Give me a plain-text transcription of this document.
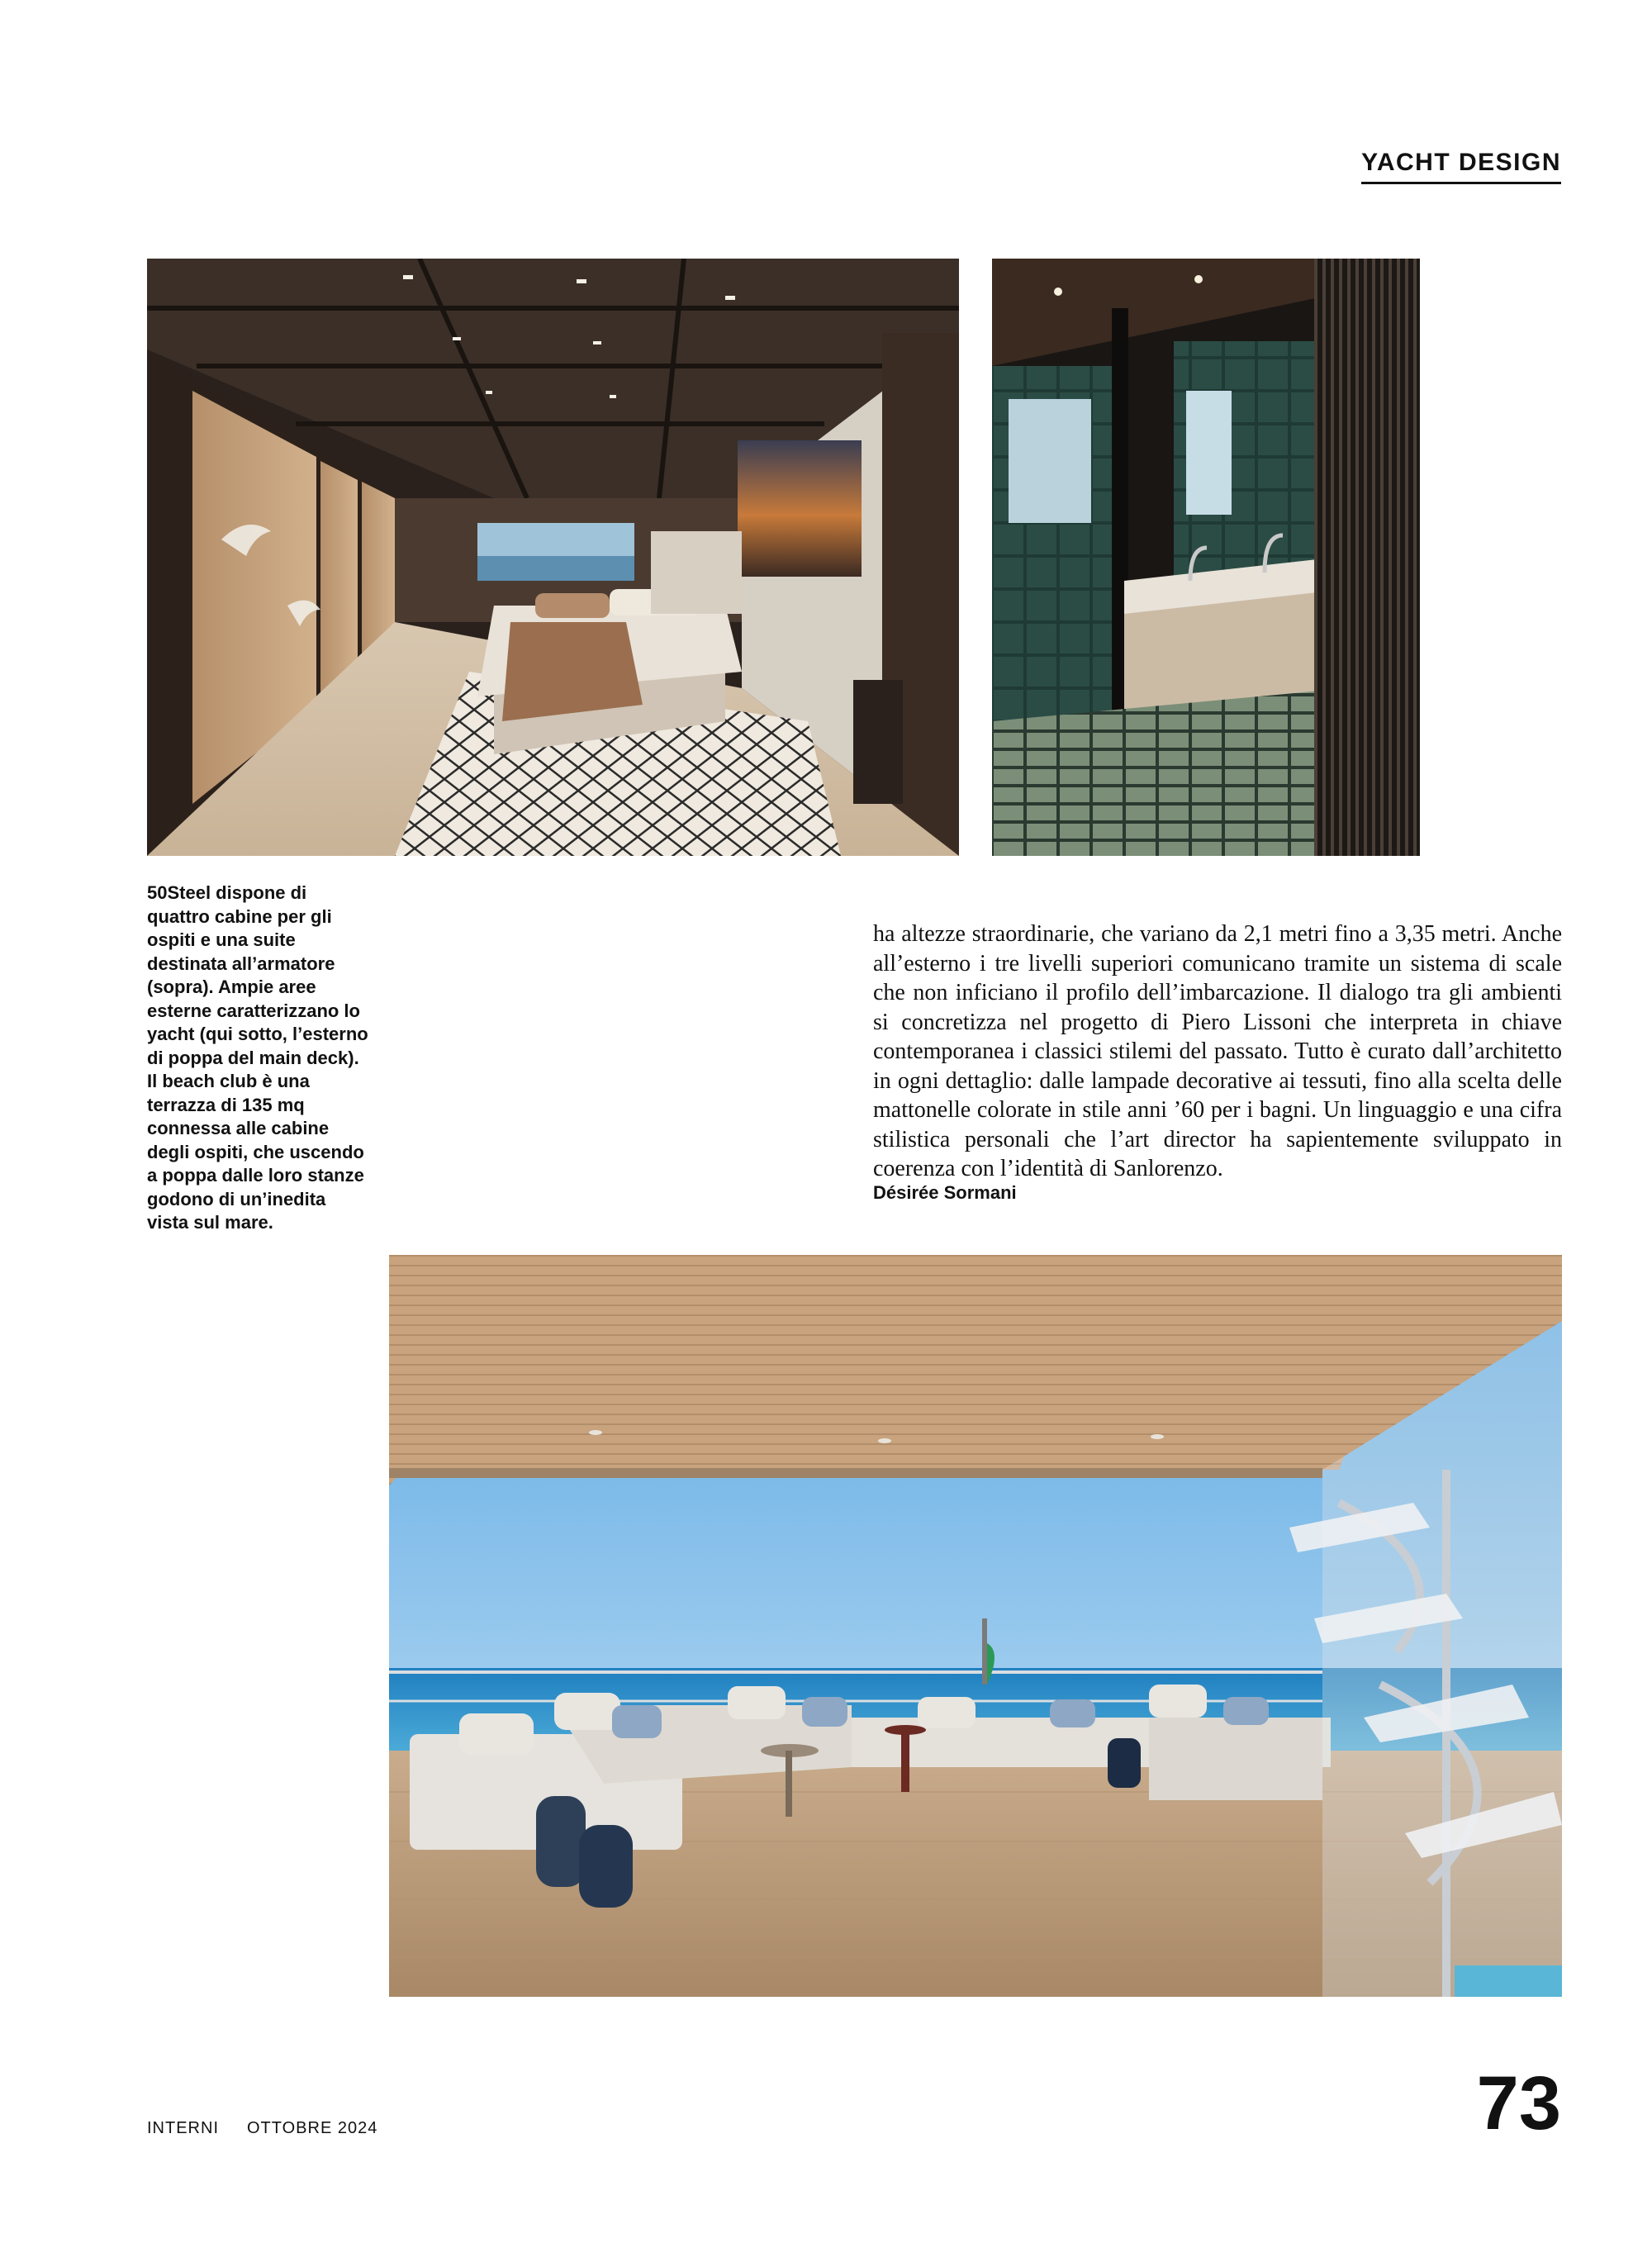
YACHT DESIGN
50Steel dispone di quattro cabine per gli ospiti e una suite destinata all’armatore (sopra). Ampie aree esterne caratterizzano lo yacht (qui sotto, l’esterno di poppa del main deck). Il beach club è una terrazza di 135 mq connessa alle cabine degli ospiti, che uscendo a poppa dalle loro stanze godono di un’inedita vista sul mare.

ha altezze straordinarie, che variano da 2,1 metri fino a 3,35 metri. Anche all’esterno i tre livelli superiori comunicano tramite un sistema di scale che non inficiano il profilo dell’imbarcazione. Il dialogo tra gli ambienti si concretizza nel progetto di Piero Lissoni che interpreta in chiave contemporanea i classici stilemi del passato. Tutto è curato dall’architetto in ogni dettaglio: dalle lampade decorative ai tessuti, fino alla scelta delle mattonelle colorate in stile anni ’60 per i bagni. Un linguaggio e una cifra stilistica personali che l’art director ha sapientemente sviluppato in coerenza con l’identità di Sanlorenzo.

Désirée Sormani
INTERNI OTTOBRE 2024	73
